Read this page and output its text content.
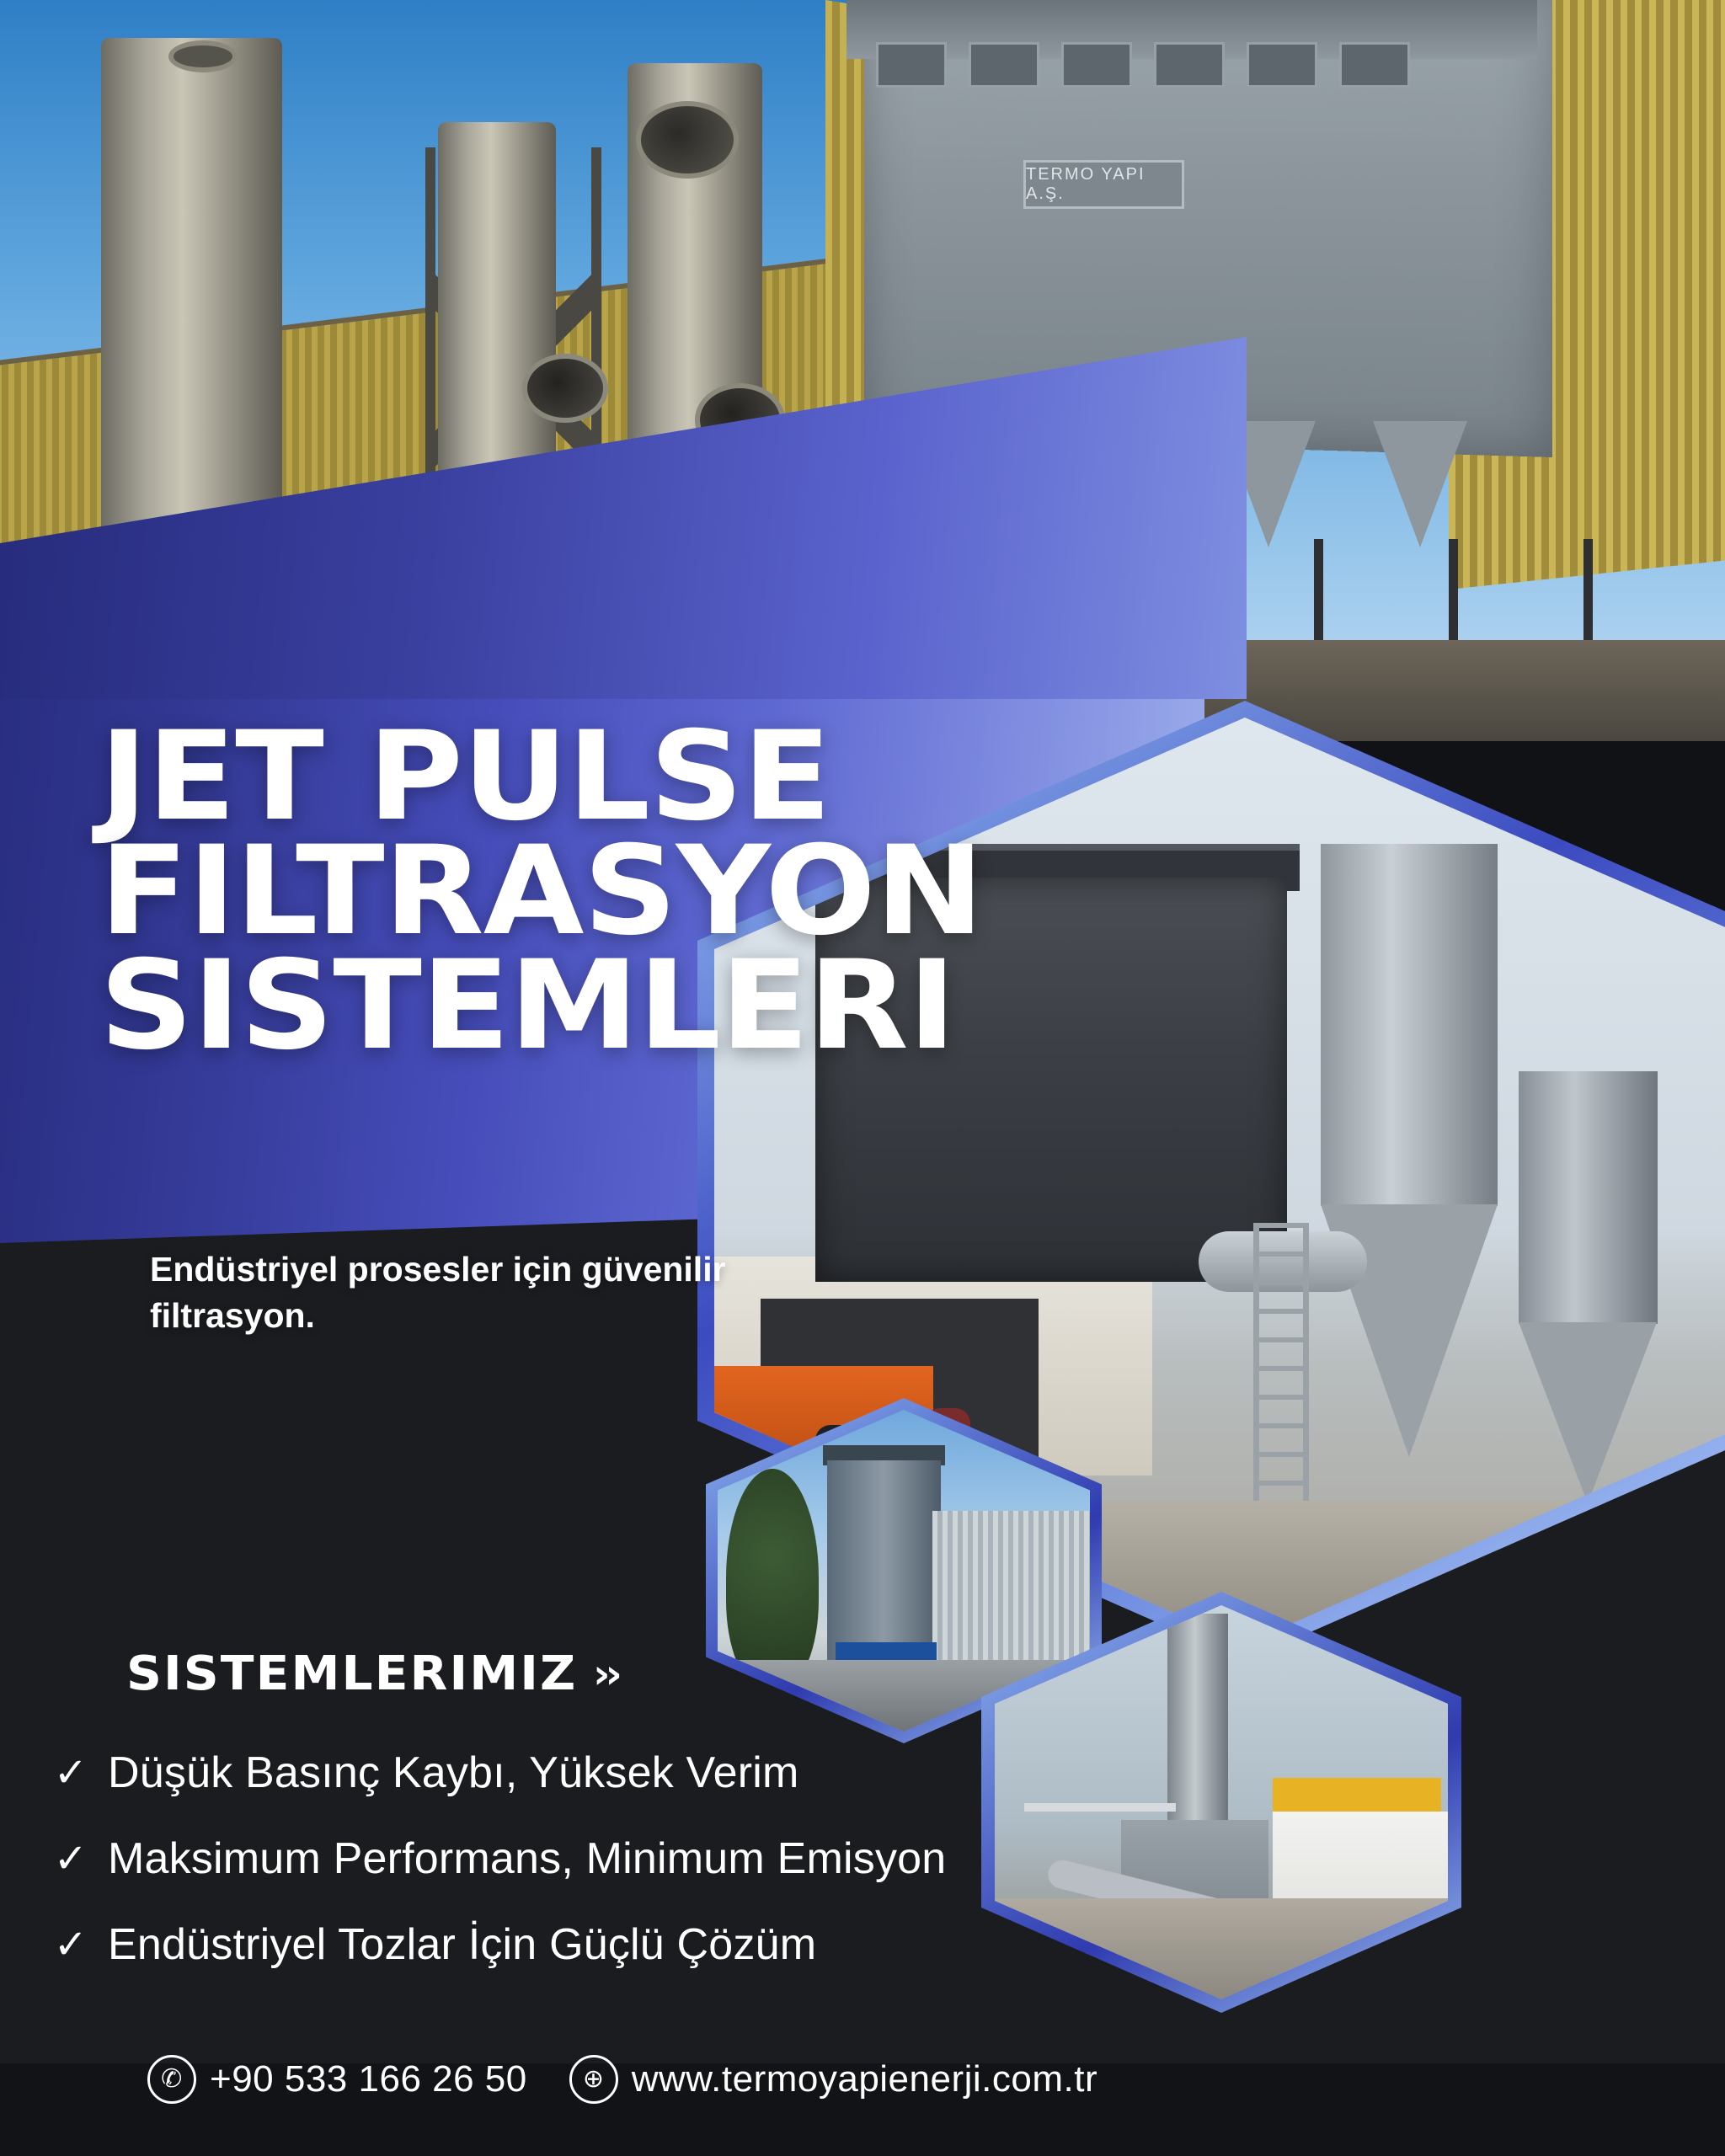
TERMO YAPI A.Ş.
JET PULSE
FILTRASYON
SISTEMLERI
Endüstriyel prosesler için güvenilir filtrasyon.
SISTEMLERIMIZ ››
✓ Düşük Basınç Kaybı, Yüksek Verim
✓ Maksimum Performans, Minimum Emisyon
✓ Endüstriyel Tozlar İçin Güçlü Çözüm
✆ +90 533 166 26 50	⊕ www.termoyapienerji.com.tr
